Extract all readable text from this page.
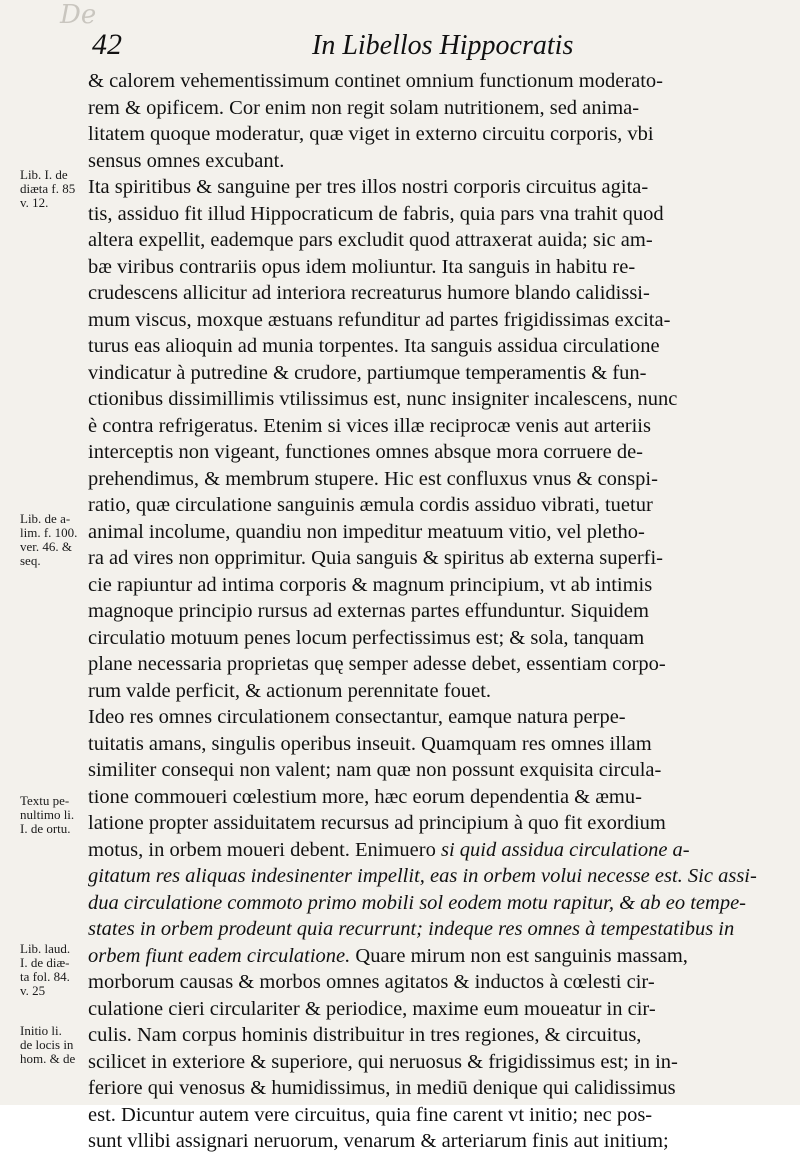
De
42	In Libellos Hippocratis
Lib. I. de
diæta f. 85
v. 12.
Lib. de a-
lim. f. 100.
ver. 46. &
seq.
Textu pe-
nultimo li.
I. de ortu.
Lib. laud.
I. de diæ-
ta fol. 84.
v. 25
Initio li.
de locis in
hom. & de
& calorem vehementissimum continet omnium functionum moderato-
rem & opificem. Cor enim non regit solam nutritionem, sed anima-
litatem quoque moderatur, quæ viget in externo circuitu corporis, vbi
sensus omnes excubant.
Ita spiritibus & sanguine per tres illos nostri corporis circuitus agita-
tis, assiduo fit illud Hippocraticum de fabris, quia pars vna trahit quod
altera expellit, eademque pars excludit quod attraxerat auida; sic am-
bæ viribus contrariis opus idem moliuntur. Ita sanguis in habitu re-
crudescens allicitur ad interiora recreaturus humore blando calidissi-
mum viscus, moxque æstuans refunditur ad partes frigidissimas excita-
turus eas alioquin ad munia torpentes. Ita sanguis assidua circulatione
vindicatur à putredine & crudore, partiumque temperamentis & fun-
ctionibus dissimillimis vtilissimus est, nunc insigniter incalescens, nunc
è contra refrigeratus. Etenim si vices illæ reciprocæ venis aut arteriis
interceptis non vigeant, functiones omnes absque mora corruere de-
prehendimus, & membrum stupere. Hic est confluxus vnus & conspi-
ratio, quæ circulatione sanguinis æmula cordis assiduo vibrati, tuetur
animal incolume, quandiu non impeditur meatuum vitio, vel pletho-
ra ad vires non opprimitur. Quia sanguis & spiritus ab externa superfi-
cie rapiuntur ad intima corporis & magnum principium, vt ab intimis
magnoque principio rursus ad externas partes effunduntur. Siquidem
circulatio motuum penes locum perfectissimus est; & sola, tanquam
plane necessaria proprietas quę semper adesse debet, essentiam corpo-
rum valde perficit, & actionum perennitate fouet.
Ideo res omnes circulationem consectantur, eamque natura perpe-
tuitatis amans, singulis operibus inseuit. Quamquam res omnes illam
similiter consequi non valent; nam quæ non possunt exquisita circula-
tione commoueri cœlestium more, hæc eorum dependentia & æmu-
latione propter assiduitatem recursus ad principium à quo fit exordium
motus, in orbem moueri debent. Enimuero si quid assidua circulatione a-
gitatum res aliquas indesinenter impellit, eas in orbem volui necesse est. Sic assi-
dua circulatione commoto primo mobili sol eodem motu rapitur, & ab eo tempe-
states in orbem prodeunt quia recurrunt; indeque res omnes à tempestatibus in
orbem fiunt eadem circulatione. Quare mirum non est sanguinis massam,
morborum causas & morbos omnes agitatos & inductos à cœlesti cir-
culatione cieri circulariter & periodice, maxime eum moueatur in cir-
culis. Nam corpus hominis distribuitur in tres regiones, & circuitus,
scilicet in exteriore & superiore, qui neruosus & frigidissimus est; in in-
feriore qui venosus & humidissimus, in mediū denique qui calidissimus
est. Dicuntur autem vere circuitus, quia fine carent vt initio; nec pos-
sunt vllibi assignari neruorum, venarum & arteriarum finis aut initium;
